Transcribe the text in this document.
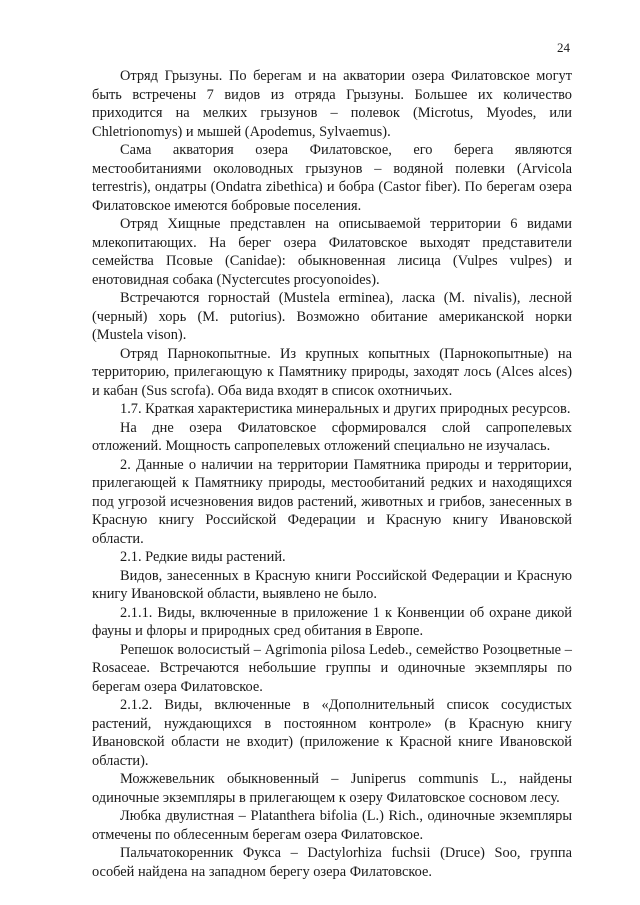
24

Отряд Грызуны. По берегам и на акватории озера Филатовское могут быть встречены 7 видов из отряда Грызуны. Большее их количество приходится на мелких грызунов – полевок (Microtus, Myodes, или Chletrionomys) и мышей (Apodemus, Sylvaemus).

Сама акватория озера Филатовское, его берега являются местообитаниями околоводных грызунов – водяной полевки (Arvicola terrestris), ондатры (Ondatra zibethica) и бобра (Castor fiber). По берегам озера Филатовское имеются бобровые поселения.

Отряд Хищные представлен на описываемой территории 6 видами млекопитающих. На берег озера Филатовское выходят представители семейства Псовые (Canidae): обыкновенная лисица (Vulpes vulpes) и енотовидная собака (Nyctercutes procyonoides).

Встречаются горностай (Mustela erminea), ласка (M. nivalis), лесной (черный) хорь (M. putorius). Возможно обитание американской норки (Mustela vison).

Отряд Парнокопытные. Из крупных копытных (Парнокопытные) на территорию, прилегающую к Памятнику природы, заходят лось (Alces alces) и кабан (Sus scrofa). Оба вида входят в список охотничьих.

1.7. Краткая характеристика минеральных и других природных ресурсов.

На дне озера Филатовское сформировался слой сапропелевых отложений. Мощность сапропелевых отложений специально не изучалась.

2. Данные о наличии на территории Памятника природы и территории, прилегающей к Памятнику природы, местообитаний редких и находящихся под угрозой исчезновения видов растений, животных и грибов, занесенных в Красную книгу Российской Федерации и Красную книгу Ивановской области.

2.1. Редкие виды растений.

Видов, занесенных в Красную книги Российской Федерации и Красную книгу Ивановской области, выявлено не было.

2.1.1. Виды, включенные в приложение 1 к Конвенции об охране дикой фауны и флоры и природных сред обитания в Европе.

Репешок волосистый – Agrimonia pilosa Ledeb., семейство Розоцветные – Rosaceae. Встречаются небольшие группы и одиночные экземпляры по берегам озера Филатовское.

2.1.2. Виды, включенные в «Дополнительный список сосудистых растений, нуждающихся в постоянном контроле» (в Красную книгу Ивановской области не входит) (приложение к Красной книге Ивановской области).

Можжевельник обыкновенный – Juniperus communis L., найдены одиночные экземпляры в прилегающем к озеру Филатовское сосновом лесу.

Любка двулистная – Platanthera bifolia (L.) Rich., одиночные экземпляры отмечены по облесенным берегам озера Филатовское.

Пальчатокоренник Фукса – Dactylorhiza fuchsii (Druce) Soo, группа особей найдена на западном берегу озера Филатовское.
